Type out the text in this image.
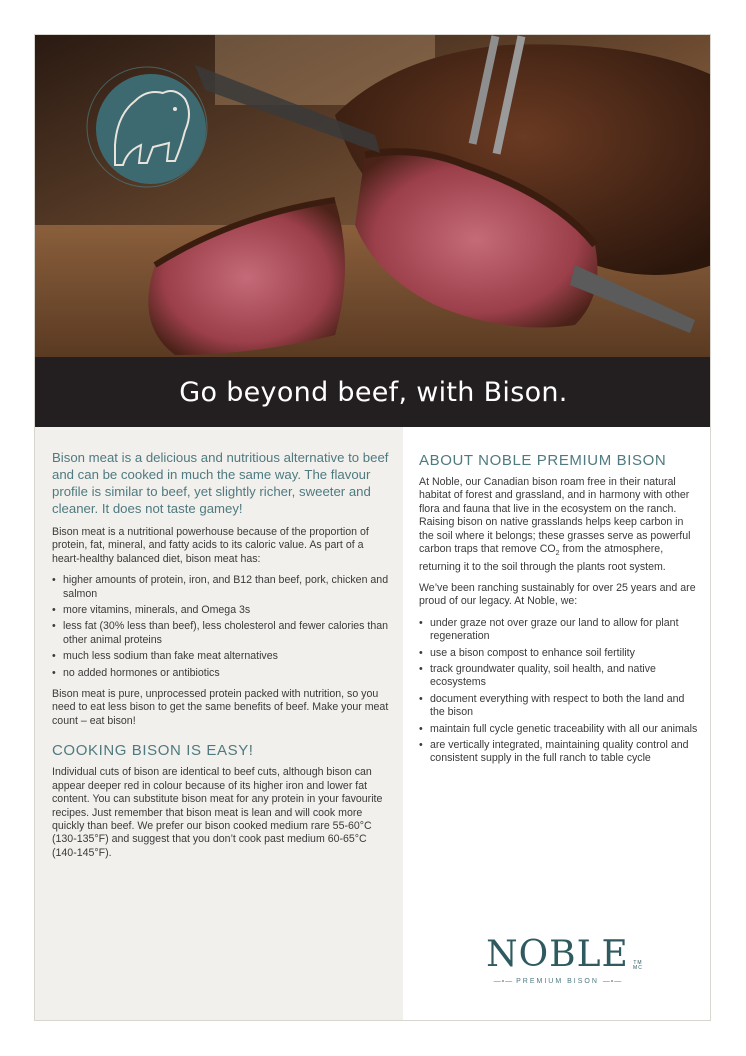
Go beyond beef, with Bison.

Bison meat is a delicious and nutritious alternative to beef and can be cooked in much the same way. The flavour profile is similar to beef, yet slightly richer, sweeter and cleaner. It does not taste gamey!

Bison meat is a nutritional powerhouse because of the proportion of protein, fat, mineral, and fatty acids to its caloric value. As part of a heart-healthy balanced diet, bison meat has:

• higher amounts of protein, iron, and B12 than beef, pork, chicken and salmon
• more vitamins, minerals, and Omega 3s
• less fat (30% less than beef), less cholesterol and fewer calories than other animal proteins
• much less sodium than fake meat alternatives
• no added hormones or antibiotics

Bison meat is pure, unprocessed protein packed with nutrition, so you need to eat less bison to get the same benefits of beef. Make your meat count – eat bison!

COOKING BISON IS EASY!

Individual cuts of bison are identical to beef cuts, although bison can appear deeper red in colour because of its higher iron and lower fat content. You can substitute bison meat for any protein in your favourite recipes. Just remember that bison meat is lean and will cook more quickly than beef. We prefer our bison cooked medium rare 55-60°C (130-135°F) and suggest that you don’t cook past medium 60-65°C (140-145°F).

ABOUT NOBLE PREMIUM BISON

At Noble, our Canadian bison roam free in their natural habitat of forest and grassland, and in harmony with other flora and fauna that live in the ecosystem on the ranch. Raising bison on native grasslands helps keep carbon in the soil where it belongs; these grasses serve as powerful carbon traps that remove $CO_2$ from the atmosphere, returning it to the soil through the plants root system.

We’ve been ranching sustainably for over 25 years and are proud of our legacy. At Noble, we:

• under graze not over graze our land to allow for plant regeneration
• use a bison compost to enhance soil fertility
• track groundwater quality, soil health, and native ecosystems
• document everything with respect to both the land and the bison
• maintain full cycle genetic traceability with all our animals
• are vertically integrated, maintaining quality control and consistent supply in the full ranch to table cycle
NOBLE TM
MC
—∘— PREMIUM BISON —∘—
